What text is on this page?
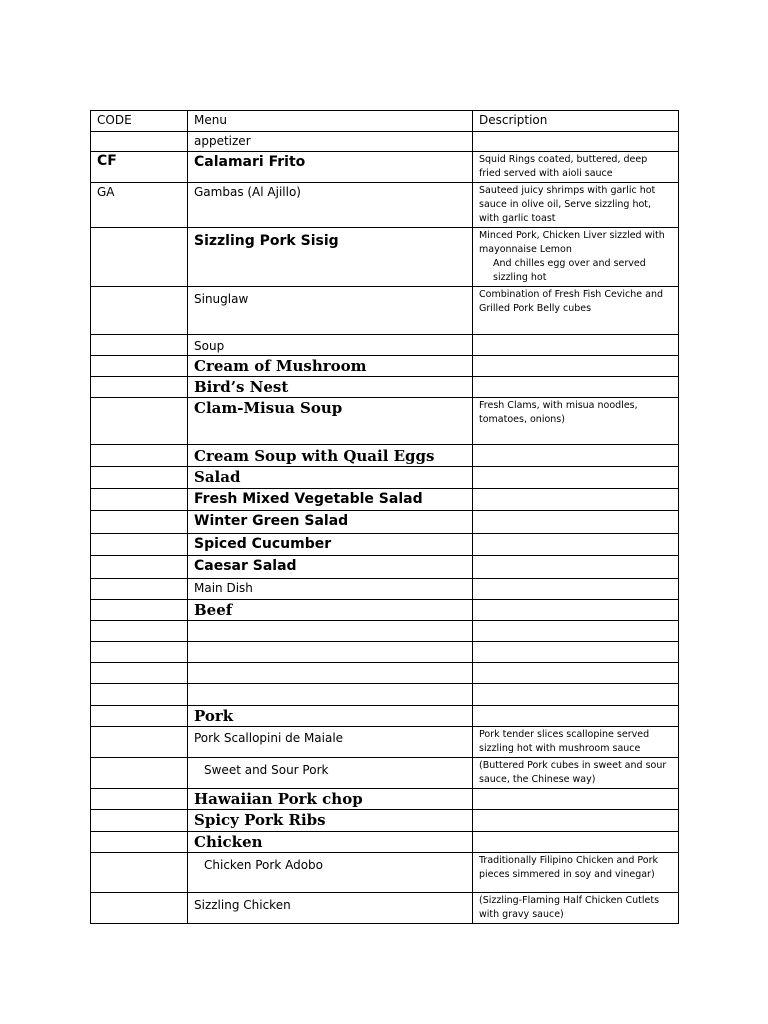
CODE	Menu	Description
	appetizer	
CF	Calamari Frito	Squid Rings coated, buttered, deep fried served with aioli sauce
GA	Gambas (Al Ajillo)	Sauteed juicy shrimps with garlic hot sauce in olive oil, Serve sizzling hot, with garlic toast
	Sizzling Pork Sisig	Minced Pork, Chicken Liver sizzled with mayonnaise Lemon
And chilles egg over and served sizzling hot

	Sinuglaw	Combination of Fresh Fish Ceviche and Grilled Pork Belly cubes
	Soup	
	Cream of Mushroom	
	Bird’s Nest	
	Clam-Misua Soup	Fresh Clams, with misua noodles, tomatoes, onions)
	Cream Soup with Quail Eggs	
	Salad	
	Fresh Mixed Vegetable Salad	
	Winter Green Salad	
	Spiced Cucumber	
	Caesar Salad	
	Main Dish	
	Beef	

	Pork	
	Pork Scallopini de Maiale	Pork tender slices scallopine served sizzling hot with mushroom sauce
	Sweet and Sour Pork	(Buttered Pork cubes in sweet and sour sauce, the Chinese way)
	Hawaiian Pork chop	
	Spicy Pork Ribs	
	Chicken	
	Chicken Pork Adobo	Traditionally Filipino Chicken and Pork pieces simmered in soy and vinegar)
	Sizzling Chicken	(Sizzling-Flaming Half Chicken Cutlets with gravy sauce)
